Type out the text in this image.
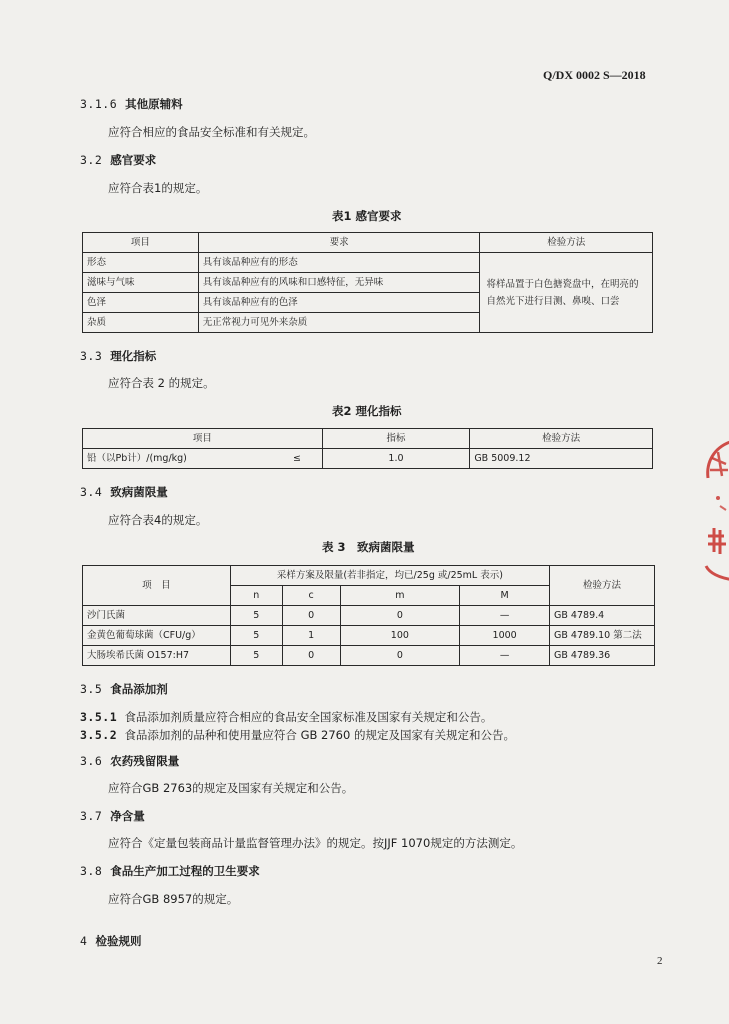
Q/DX 0002 S—2018
3.1.6 其他原辅料
应符合相应的食品安全标准和有关规定。
3.2 感官要求
应符合表1的规定。
表1 感官要求
项目	要求	检验方法
形态	具有该品种应有的形态	将样品置于白色搪瓷盘中，在明亮的自然光下进行目测、鼻嗅、口尝
滋味与气味	具有该品种应有的风味和口感特征，无异味	
色泽	具有该品种应有的色泽	
杂质	无正常视力可见外来杂质	
3.3 理化指标
应符合表 2 的规定。
表2 理化指标
项目		指标	检验方法
铅（以Pb计）/(mg/kg)	≤	1.0	GB 5009.12
3.4 致病菌限量
应符合表4的规定。
表 3　致病菌限量
项　目	采样方案及限量(若非指定，均已/25g 或/25mL 表示)				检验方法
	n	c	m	M	
沙门氏菌	5	0	0	—	GB 4789.4
金黄色葡萄球菌（CFU/g）	5	1	100	1000	GB 4789.10 第二法
大肠埃希氏菌 O157:H7	5	0	0	—	GB 4789.36
3.5 食品添加剂
3.5.1 食品添加剂质量应符合相应的食品安全国家标准及国家有关规定和公告。
3.5.2 食品添加剂的品种和使用量应符合 GB 2760 的规定及国家有关规定和公告。
3.6 农药残留限量
应符合GB 2763的规定及国家有关规定和公告。
3.7 净含量
应符合《定量包装商品计量监督管理办法》的规定。按JJF 1070规定的方法测定。
3.8 食品生产加工过程的卫生要求
应符合GB 8957的规定。
4 检验规则
2
